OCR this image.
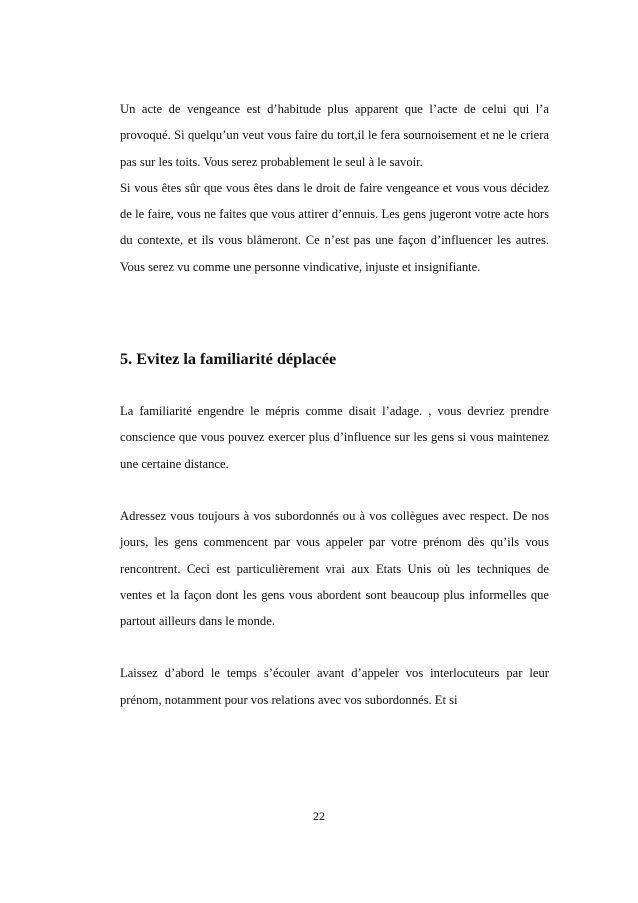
Un acte de vengeance est d’habitude plus apparent que l’acte de celui qui l’a provoqué. Si quelqu’un veut vous faire du tort,il le fera sournoisement et ne le criera pas sur les toits. Vous serez probablement le seul à le savoir.

Si vous êtes sûr que vous êtes dans le droit de faire vengeance et vous vous décidez de le faire, vous ne faites que vous attirer d’ennuis. Les gens jugeront votre acte hors du contexte, et ils vous blâmeront. Ce n’est pas une façon d’influencer les autres. Vous serez vu comme une personne vindicative, injuste et insignifiante.

5. Evitez la familiarité déplacée

La familiarité engendre le mépris comme disait l’adage. , vous devriez prendre conscience que vous pouvez exercer plus d’influence sur les gens si vous maintenez une certaine distance.

Adressez vous toujours à vos subordonnés ou à vos collègues avec respect. De nos jours, les gens commencent par vous appeler par votre prénom dès qu’ils vous rencontrent. Ceci est particulièrement vrai aux Etats Unis où les techniques de ventes et la façon dont les gens vous abordent sont beaucoup plus informelles que partout ailleurs dans le monde.

Laissez d’abord le temps s’écouler avant d’appeler vos interlocuteurs par leur prénom, notamment pour vos relations avec vos subordonnés. Et si

22
